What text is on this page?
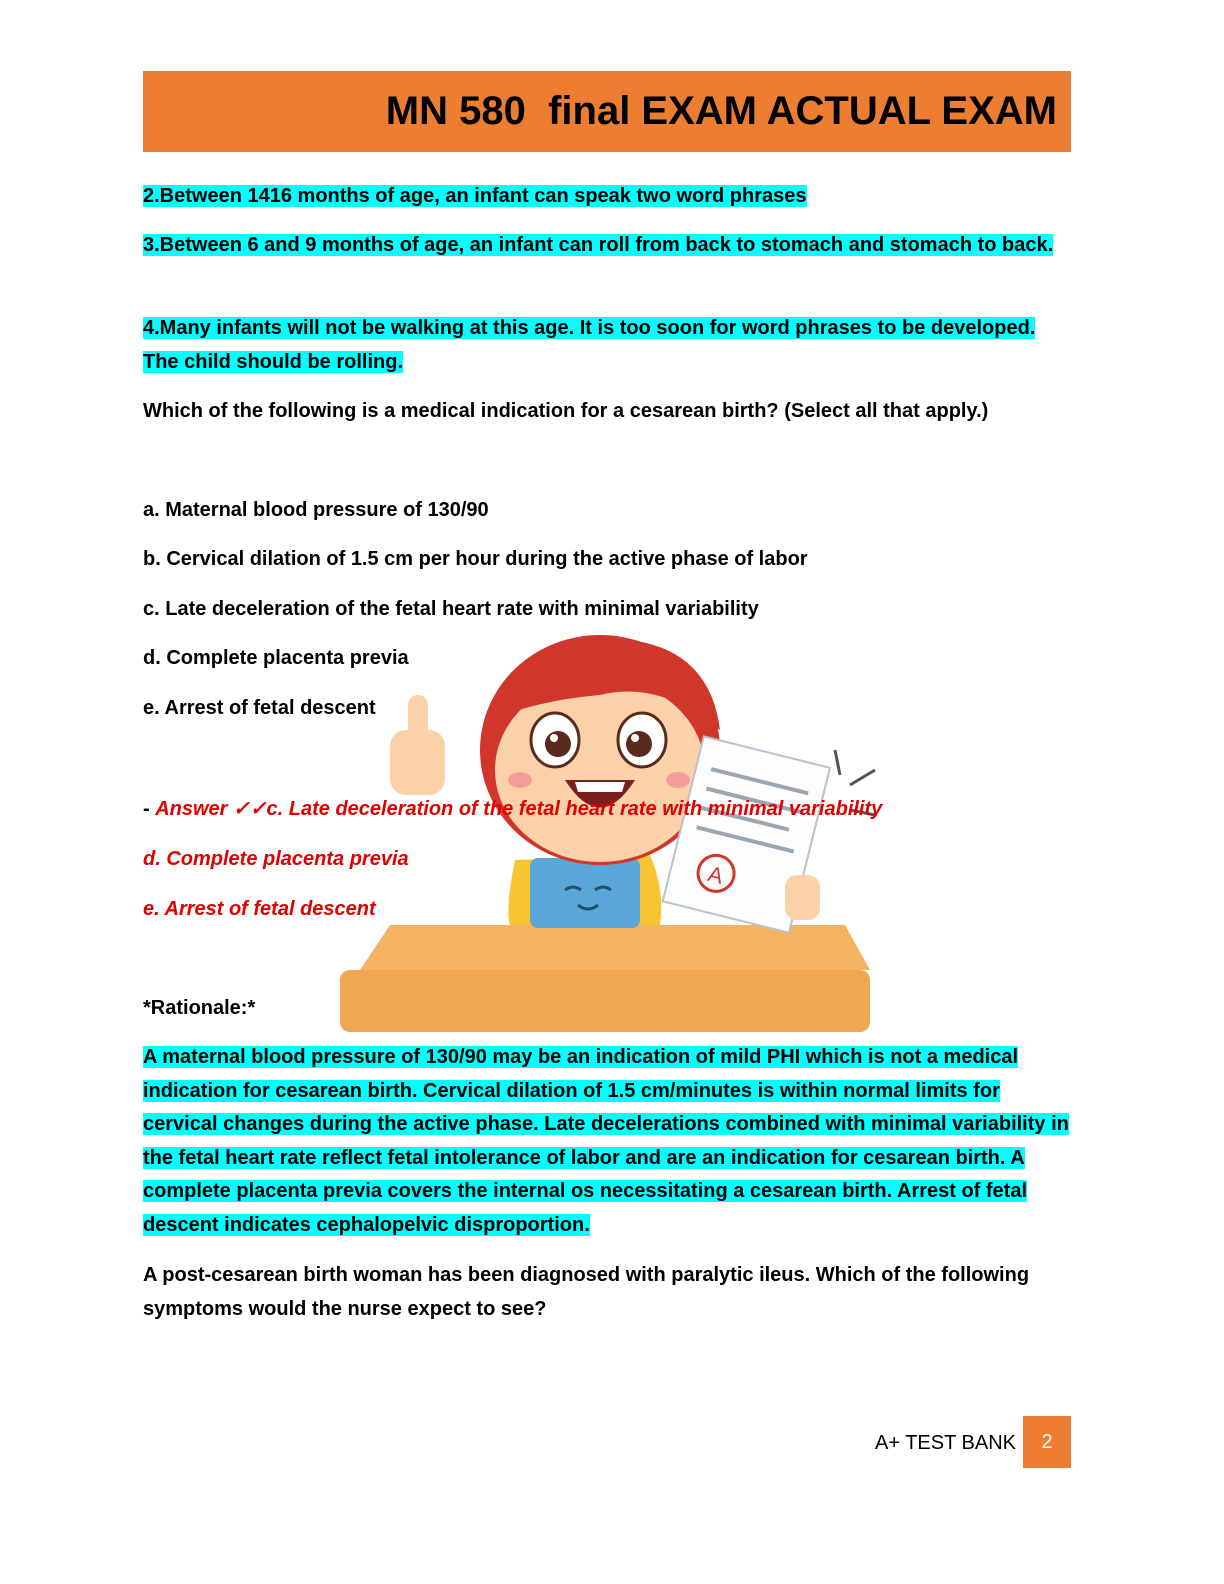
MN 580  final EXAM ACTUAL EXAM
A

2.Between 1416 months of age, an infant can speak two word phrases

3.Between 6 and 9 months of age, an infant can roll from back to stomach and stomach to back.

4.Many infants will not be walking at this age. It is too soon for word phrases to be developed. The child should be rolling.

Which of the following is a medical indication for a cesarean birth? (Select all that apply.)

a. Maternal blood pressure of 130/90

b. Cervical dilation of 1.5 cm per hour during the active phase of labor

c. Late deceleration of the fetal heart rate with minimal variability

d. Complete placenta previa

e. Arrest of fetal descent

- Answer ✓✓c. Late deceleration of the fetal heart rate with minimal variability

d. Complete placenta previa

e. Arrest of fetal descent

*Rationale:*

A maternal blood pressure of 130/90 may be an indication of mild PHI which is not a medical indication for cesarean birth. Cervical dilation of 1.5 cm/minutes is within normal limits for cervical changes during the active phase. Late decelerations combined with minimal variability in the fetal heart rate reflect fetal intolerance of labor and are an indication for cesarean birth. A complete placenta previa covers the internal os necessitating a cesarean birth. Arrest of fetal descent indicates cephalopelvic disproportion.

A post-cesarean birth woman has been diagnosed with paralytic ileus. Which of the following symptoms would the nurse expect to see?

A+ TEST BANK	2
